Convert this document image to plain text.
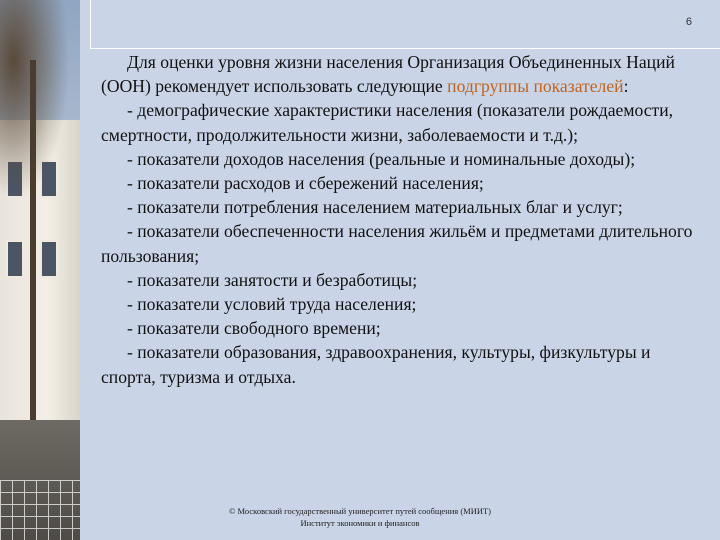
6

Для оценки уровня жизни населения Организация Объединенных Наций (ООН) рекомендует использовать следующие подгруппы показателей:

- демографические характеристики населения (показатели рождаемости, смертности, продолжительности жизни, заболеваемости и т.д.);

- показатели доходов населения (реальные и номинальные доходы);

- показатели расходов и сбережений населения;

- показатели потребления населением материальных благ и услуг;

- показатели обеспеченности населения жильём и предметами длительного пользования;

- показатели занятости и безработицы;

- показатели условий труда населения;

- показатели свободного времени;

- показатели образования, здравоохранения, культуры, физкультуры и спорта, туризма и отдыха.

© Московский государственный университет путей сообщения (МИИТ)
Институт экономики и финансов
